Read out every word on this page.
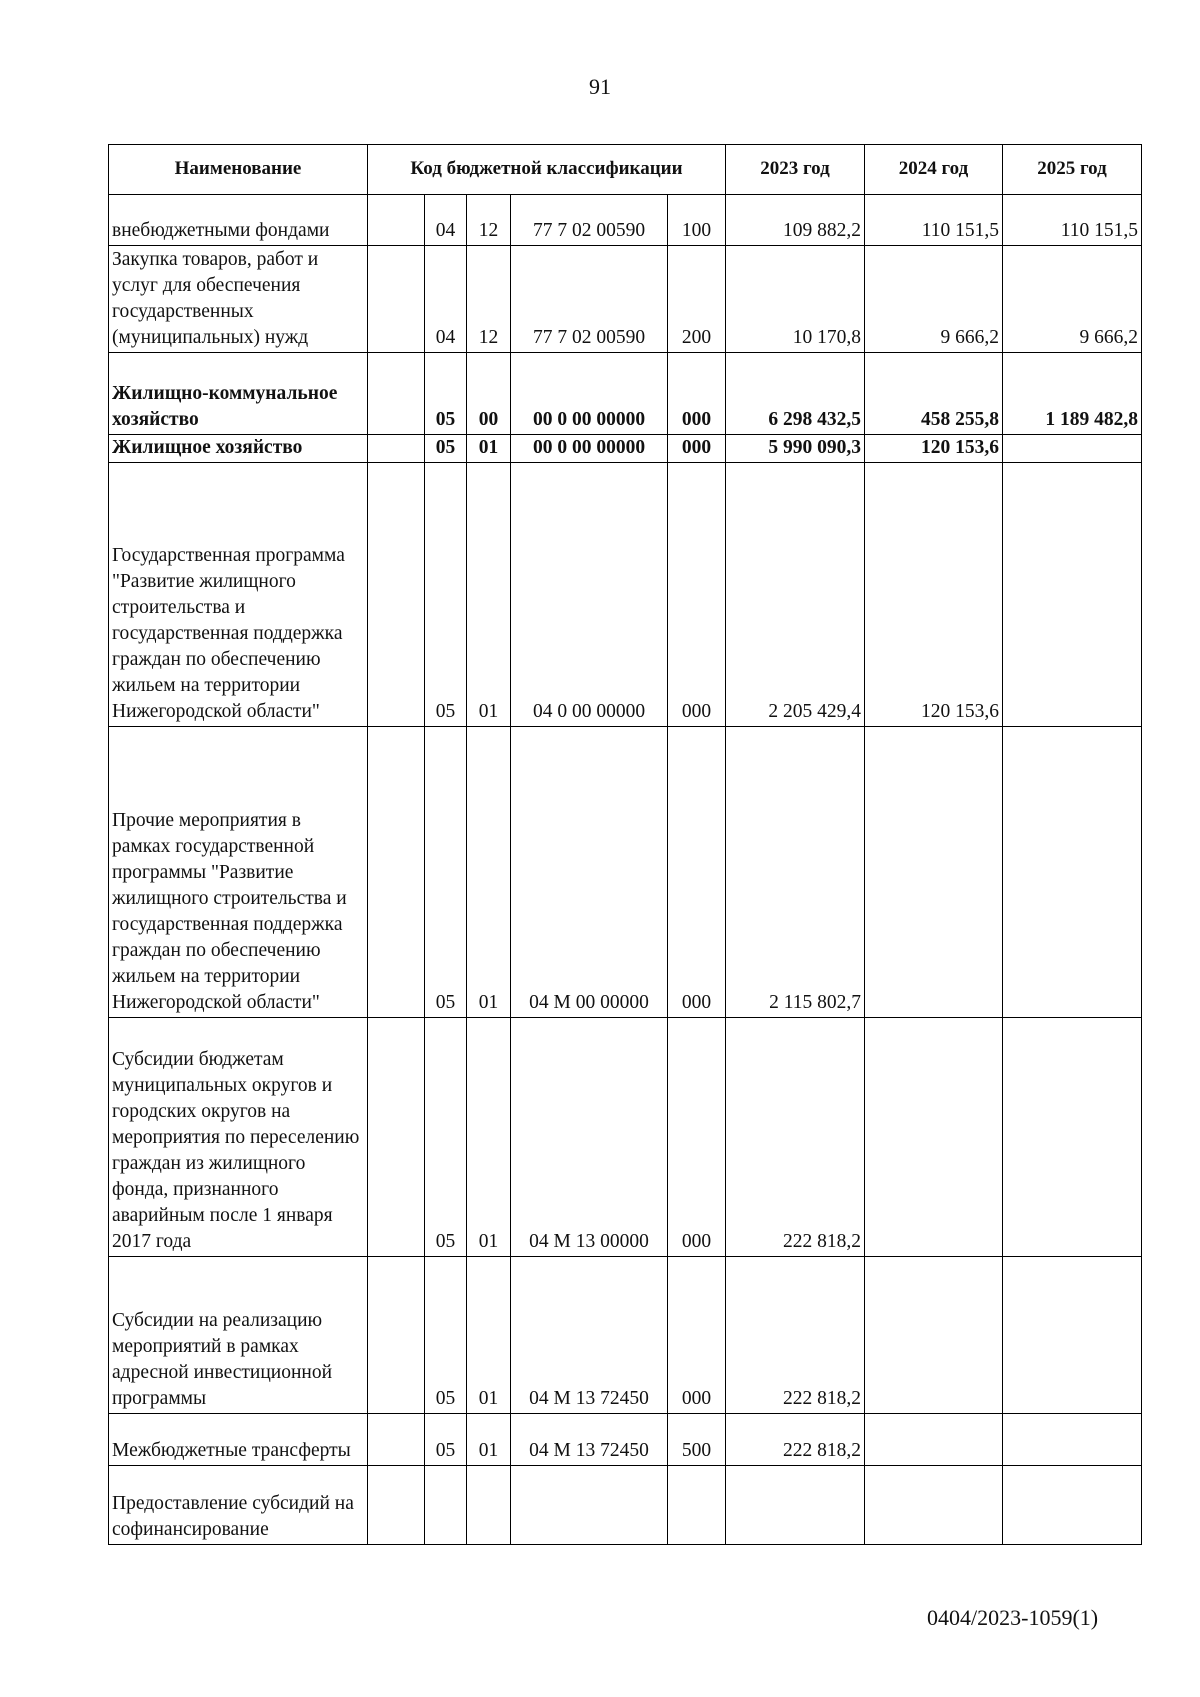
91
Наименование	Код бюджетной классификации					2023 год	2024 год	2025 год
внебюджетными фондами		04	12	77 7 02 00590	100	109 882,2	110 151,5	110 151,5
Закупка товаров, работ и услуг для обеспечения государственных (муниципальных) нужд		04	12	77 7 02 00590	200	10 170,8	9 666,2	9 666,2
Жилищно-коммунальное хозяйство		05	00	00 0 00 00000	000	6 298 432,5	458 255,8	1 189 482,8
Жилищное хозяйство		05	01	00 0 00 00000	000	5 990 090,3	120 153,6	
Государственная программа "Развитие жилищного строительства и государственная поддержка граждан по обеспечению жильем на территории Нижегородской области"		05	01	04 0 00 00000	000	2 205 429,4	120 153,6	
Прочие мероприятия в рамках государственной программы "Развитие жилищного строительства и государственная поддержка граждан по обеспечению жильем на территории Нижегородской области"		05	01	04 М 00 00000	000	2 115 802,7		
Субсидии бюджетам муниципальных округов и городских округов на мероприятия по переселению граждан из жилищного фонда, признанного аварийным после 1 января 2017 года		05	01	04 М 13 00000	000	222 818,2		
Субсидии на реализацию мероприятий в рамках адресной инвестиционной программы		05	01	04 М 13 72450	000	222 818,2		
Межбюджетные трансферты		05	01	04 М 13 72450	500	222 818,2		
Предоставление субсидий на софинансирование								
0404/2023-1059(1)
